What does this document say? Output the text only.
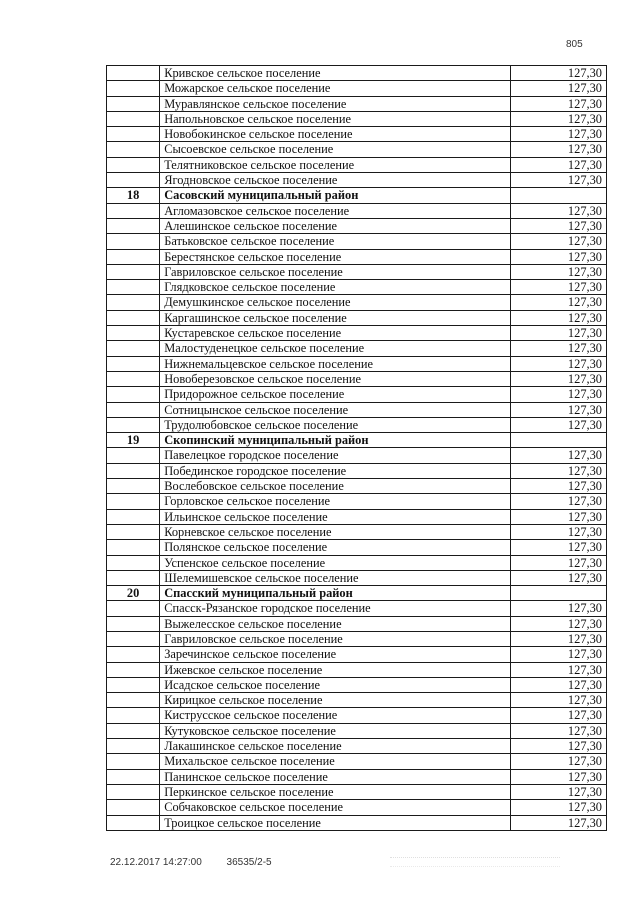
805
	Кривское сельское поселение	127,30
	Можарское сельское поселение	127,30
	Муравлянское сельское поселение	127,30
	Напольновское сельское поселение	127,30
	Новобокинское сельское поселение	127,30
	Сысоевское сельское поселение	127,30
	Телятниковское сельское поселение	127,30
	Ягодновское сельское поселение	127,30
18	Сасовский муниципальный район	
	Агломазовское сельское поселение	127,30
	Алешинское сельское поселение	127,30
	Батьковское сельское поселение	127,30
	Берестянское сельское поселение	127,30
	Гавриловское сельское поселение	127,30
	Глядковское сельское поселение	127,30
	Демушкинское сельское поселение	127,30
	Каргашинское сельское поселение	127,30
	Кустаревское сельское поселение	127,30
	Малостуденецкое сельское поселение	127,30
	Нижнемальцевское сельское поселение	127,30
	Новоберезовское сельское поселение	127,30
	Придорожное сельское поселение	127,30
	Сотницынское сельское поселение	127,30
	Трудолюбовское сельское поселение	127,30
19	Скопинский муниципальный район	
	Павелецкое городское поселение	127,30
	Побединское городское поселение	127,30
	Вослебовское сельское поселение	127,30
	Горловское сельское поселение	127,30
	Ильинское сельское поселение	127,30
	Корневское сельское поселение	127,30
	Полянское сельское поселение	127,30
	Успенское сельское поселение	127,30
	Шелемишевское сельское поселение	127,30
20	Спасский муниципальный район	
	Спасск-Рязанское городское поселение	127,30
	Выжелесское сельское поселение	127,30
	Гавриловское сельское поселение	127,30
	Заречинское сельское поселение	127,30
	Ижевское сельское поселение	127,30
	Исадское сельское поселение	127,30
	Кирицкое сельское поселение	127,30
	Киструсское сельское поселение	127,30
	Кутуковское сельское поселение	127,30
	Лакашинское сельское поселение	127,30
	Михальское сельское поселение	127,30
	Панинское сельское поселение	127,30
	Перкинское сельское поселение	127,30
	Собчаковское сельское поселение	127,30
	Троицкое сельское поселение	127,30
22.12.2017 14:27:00 36535/2-5
